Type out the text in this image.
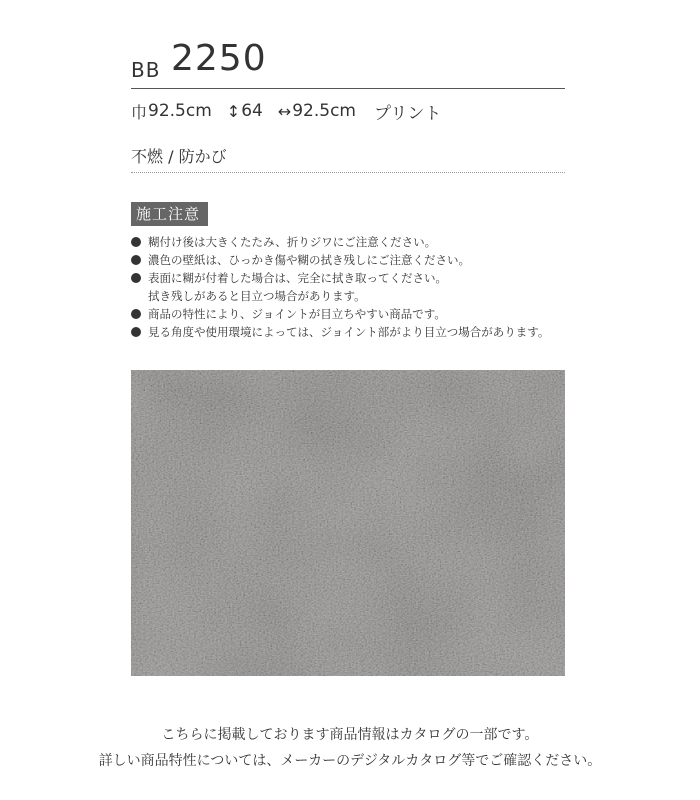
BB 2250
巾 92.5cm ↕ 64 ↔ 92.5cm プリント
不燃 / 防かび
施工注意
糊付け後は大きくたたみ、折りジワにご注意ください。
濃色の壁紙は、ひっかき傷や糊の拭き残しにご注意ください。
表面に糊が付着した場合は、完全に拭き取ってください。
拭き残しがあると目立つ場合があります。
商品の特性により、ジョイントが目立ちやすい商品です。
見る角度や使用環境によっては、ジョイント部がより目立つ場合があります。
こちらに掲載しております商品情報はカタログの一部です。
詳しい商品特性については、メーカーのデジタルカタログ等でご確認ください。
